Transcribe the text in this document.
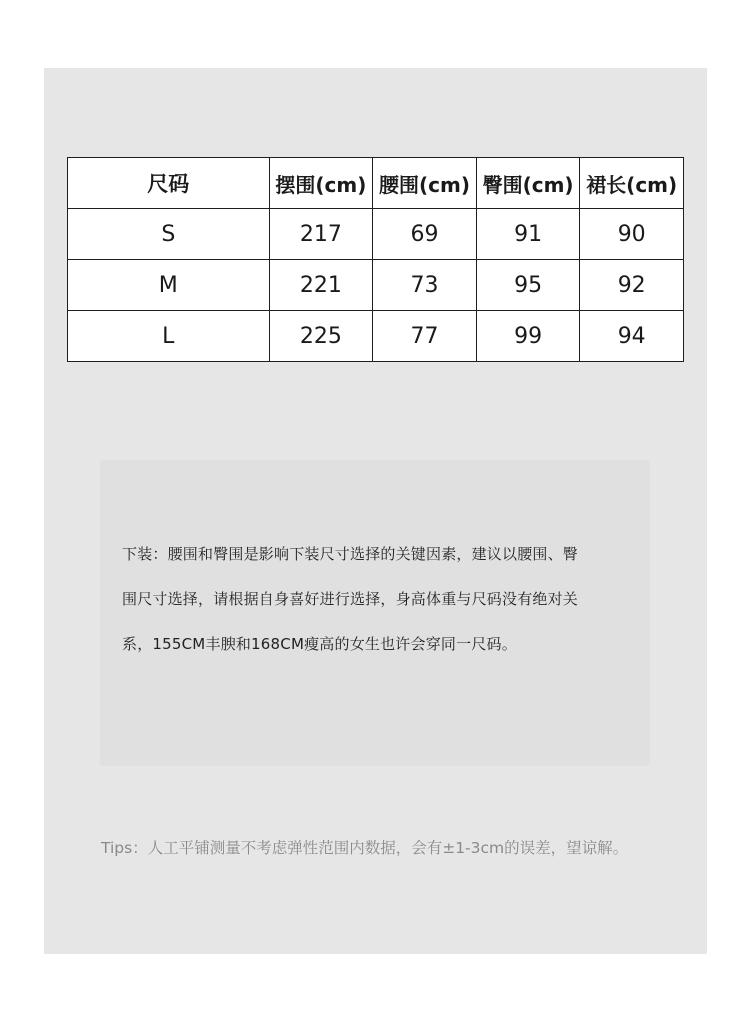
尺码	摆围(cm)	腰围(cm)	臀围(cm)	裙长(cm)
S	217	69	91	90
M	221	73	95	92
L	225	77	99	94
下装：腰围和臀围是影响下装尺寸选择的关键因素，建议以腰围、臀
围尺寸选择，请根据自身喜好进行选择，身高体重与尺码没有绝对关
系，155CM丰腴和168CM瘦高的女生也许会穿同一尺码。
Tips：人工平铺测量不考虑弹性范围内数据，会有±1-3cm的误差，望谅解。
